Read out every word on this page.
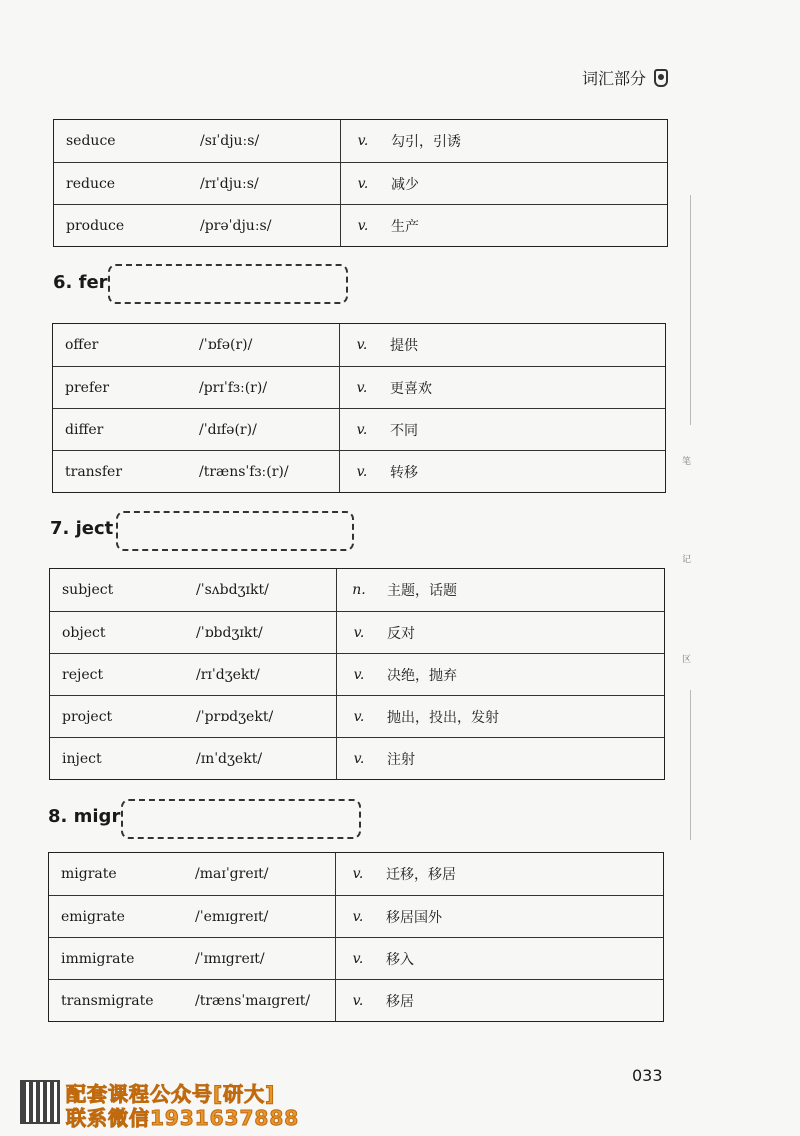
词汇部分
笔
记
区
seduce	/sɪˈdjuːs/	v.	勾引，引诱
reduce	/rɪˈdjuːs/	v.	减少
produce	/prəˈdjuːs/	v.	生产
6. fer
offer	/ˈɒfə(r)/	v.	提供
prefer	/prɪˈfɜː(r)/	v.	更喜欢
differ	/ˈdɪfə(r)/	v.	不同
transfer	/trænsˈfɜː(r)/	v.	转移
7. ject
subject	/ˈsʌbdʒɪkt/	n.	主题，话题
object	/ˈɒbdʒɪkt/	v.	反对
reject	/rɪˈdʒekt/	v.	决绝，抛弃
project	/ˈprɒdʒekt/	v.	抛出，投出，发射
inject	/ɪnˈdʒekt/	v.	注射
8. migr
migrate	/maɪˈgreɪt/	v.	迁移，移居
emigrate	/ˈemɪgreɪt/	v.	移居国外
immigrate	/ˈɪmɪgreɪt/	v.	移入
transmigrate	/trænsˈmaɪgreɪt/	v.	移居
033
配套课程公众号[研大]
联系微信1931637888
